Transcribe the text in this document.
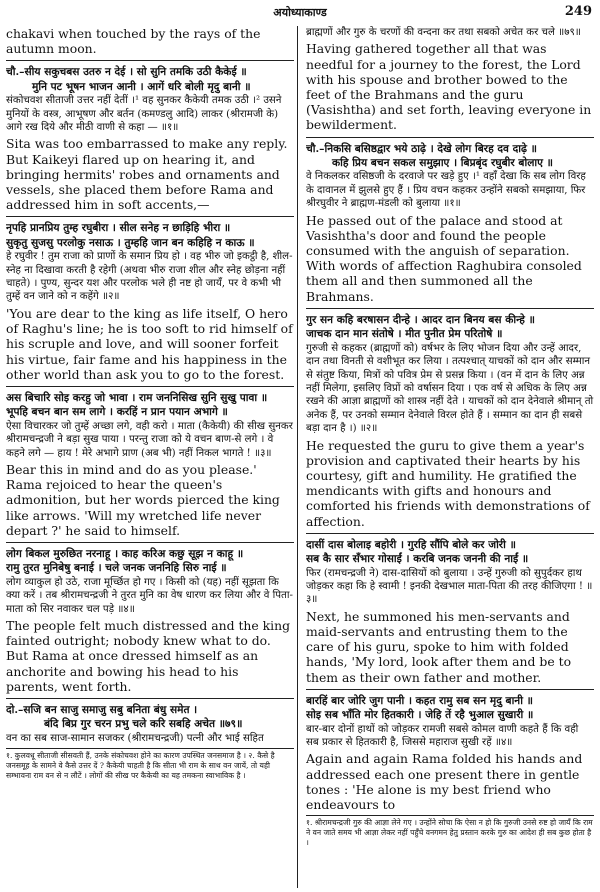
अयोध्याकाण्ड	249

chakavi when touched by the rays of the autumn moon.

चौ.–सीय सकुचबस उतरु न देई । सो सुनि तमकि उठी कैकेई ॥
मुनि पट भूषन भाजन आनी । आगें धरि बोली मृदु बानी ॥

संकोचवश सीताजी उत्तर नहीं देतीं ।¹ वह सुनकर कैकेयी तमक उठी ।² उसने मुनियों के वस्त्र, आभूषण और बर्तन (कमण्डलु आदि) लाकर (श्रीरामजी के) आगे रख दिये और मीठी वाणी से कहा — ॥१॥

Sita was too embarrassed to make any reply. But Kaikeyi flared up on hearing it, and bringing hermits' robes and ornaments and vessels, she placed them before Rama and addressed him in soft accents,—

नृपहि प्रानप्रिय तुम्ह रघुबीरा । सील सनेह न छाड़िहि भीरा ॥
सुकृतु सुजसु परलोकु नसाऊ । तुम्हहि जान बन कहिहि न काऊ ॥

हे रघुवीर ! तुम राजा को प्राणों के समान प्रिय हो । वह भीरु जो इकट्ठी है, शील-स्नेह ना दिखावा करती है रहेगी (अथवा भीरु राजा शील और स्नेह छोड़ना नहीं चाहते) । पुण्य, सुन्दर यश और परलोक भले ही नष्ट हो जायँ, पर वे कभी भी तुम्हें वन जाने को न कहेंगे ॥२॥

'You are dear to the king as life itself, O hero of Raghu's line; he is too soft to rid himself of his scruple and love, and will sooner forfeit his virtue, fair fame and his happiness in the other world than ask you to go to the forest.

अस बिचारि सोइ करहु जो भावा । राम जननिसिख सुनि सुखु पावा ॥
भूपहि बचन बान सम लागे । करहिं न प्रान पयान अभागे ॥

ऐसा विचारकर जो तुम्हें अच्छा लगे, वही करो । माता (कैकेयी) की सीख सुनकर श्रीरामचन्द्रजी ने बड़ा सुख पाया । परन्तु राजा को ये वचन बाण-से लगे । वे कहने लगे — हाय ! मेरे अभागे प्राण (अब भी) नहीं निकल भागते ! ॥३॥

Bear this in mind and do as you please.' Rama rejoiced to hear the queen's admonition, but her words pierced the king like arrows. 'Will my wretched life never depart ?' he said to himself.

लोग बिकल मुरुछित नरनाहू । काह करिअ कछु सूझ न काहू ॥
रामु तुरत मुनिबेषु बनाई । चले जनक जननिहि सिरु नाई ॥

लोग व्याकुल हो उठे, राजा मूर्च्छित हो गए । किसी को (यह) नहीं सूझता कि क्या करें । तब श्रीरामचन्द्रजी ने तुरत मुनि का वेष धारण कर लिया और वे पिता-माता को सिर नवाकर चल पड़े ॥४॥

The people felt much distressed and the king fainted outright; nobody knew what to do. But Rama at once dressed himself as an anchorite and bowing his head to his parents, went forth.

दो.–सजि बन साजु समाजु सबु बनिता बंधु समेत ।
बंदि बिप्र गुर चरन प्रभु चले करि सबहि अचेत ॥७९॥

वन का सब साज-सामान सजकर (श्रीरामचन्द्रजी) पत्नी और भाई सहित

१. कुलवधू सीताजी सीसवती हैं, उनके संकोचवश होने का कारण उपस्थित जनसमाज है । २. कैसे है जनसमूह के सामने वे कैसे उत्तर दें ? कैकेयी चाहती है कि सीता भी राम के साथ वन जायें, तो यही सम्भावना राम वन से न लौटें । लोगों की सीख पर कैकेयी का यह तमकना स्वाभाविक है ।

ब्राह्मणों और गुरु के चरणों की वन्दना कर तथा सबको अचेत कर चले ॥७९॥

Having gathered together all that was needful for a journey to the forest, the Lord with his spouse and brother bowed to the feet of the Brahmans and the guru (Vasishtha) and set forth, leaving everyone in bewilderment.

चौ.–निकसि बसिष्ठद्वार भये ठाढ़े । देखे लोग बिरह दव दाढ़े ॥
कहि प्रिय बचन सकल समुझाए । बिप्रबृंद रघुबीर बोलाए ॥

वे निकलकर वसिष्ठजी के दरवाजे पर खड़े हुए ।¹ वहाँ देखा कि सब लोग विरह के दावानल में झुलसे हुए हैं । प्रिय वचन कहकर उन्होंने सबको समझाया, फिर श्रीरघुवीर ने ब्राह्मण-मंडली को बुलाया ॥१॥

He passed out of the palace and stood at Vasishtha's door and found the people consumed with the anguish of separation. With words of affection Raghubira consoled them all and then summoned all the Brahmans.

गुर सन कहि बरषासन दीन्हे । आदर दान बिनय बस कीन्हे ॥
जाचक दान मान संतोषे । मीत पुनीत प्रेम परितोषे ॥

गुरुजी से कहकर (ब्राह्मणों को) वर्षभर के लिए भोजन दिया और उन्हें आदर, दान तथा विनती से वशीभूत कर लिया । तत्पश्चात् याचकों को दान और सम्मान से संतुष्ट किया, मित्रों को पवित्र प्रेम से प्रसन्न किया । (वन में दान के लिए अन्न नहीं मिलेगा, इसलिए विप्रों को वर्षासन दिया । एक वर्ष से अधिक के लिए अन्न रखने की आज्ञा ब्राह्मणों को शास्त्र नहीं देते । याचकों को दान देनेवाले श्रीमान् तो अनेक हैं, पर उनको सम्मान देनेवाले विरल होते हैं । सम्मान का दान ही सबसे बड़ा दान है ।) ॥२॥

He requested the guru to give them a year's provision and captivated their hearts by his courtesy, gift and humility. He gratified the mendicants with gifts and honours and comforted his friends with demonstrations of affection.

दासीं दास बोलाइ बहोरी । गुरहि सौंपि बोले कर जोरी ॥
सब कै सार सँभार गोसाईं । करबि जनक जननी की नाईं ॥

फिर (रामचन्द्रजी ने) दास-दासियों को बुलाया । उन्हें गुरुजी को सुपुर्दकर हाथ जोड़कर कहा कि हे स्वामी ! इनकी देखभाल माता-पिता की तरह कीजिएगा ! ॥३॥

Next, he summoned his men-servants and maid-servants and entrusting them to the care of his guru, spoke to him with folded hands, 'My lord, look after them and be to them as their own father and mother.

बारहिं बार जोरि जुग पानी । कहत रामु सब सन मृदु बानी ॥
सोइ सब भाँति मोर हितकारी । जेहि तें रहै भुआल सुखारी ॥

बार-बार दोनों हाथों को जोड़कर रामजी सबसे कोमल वाणी कहते हैं कि वही सब प्रकार से हितकारी है, जिससे महाराज सुखी रहें ॥४॥

Again and again Rama folded his hands and addressed each one present there in gentle tones : 'He alone is my best friend who endeavours to

१. श्रीरामचन्द्रजी गुरु की आज्ञा लेने गए । उन्होंने सोचा कि ऐसा न हो कि गुरुजी उनसे रुष्ट हो जायँ कि राम ने वन जाते समय भी आज्ञा लेकर नहीं पहुँचे वनगमन हेतु प्रस्तान करके गुरु का आदेश ही सब कुछ होता है ।
